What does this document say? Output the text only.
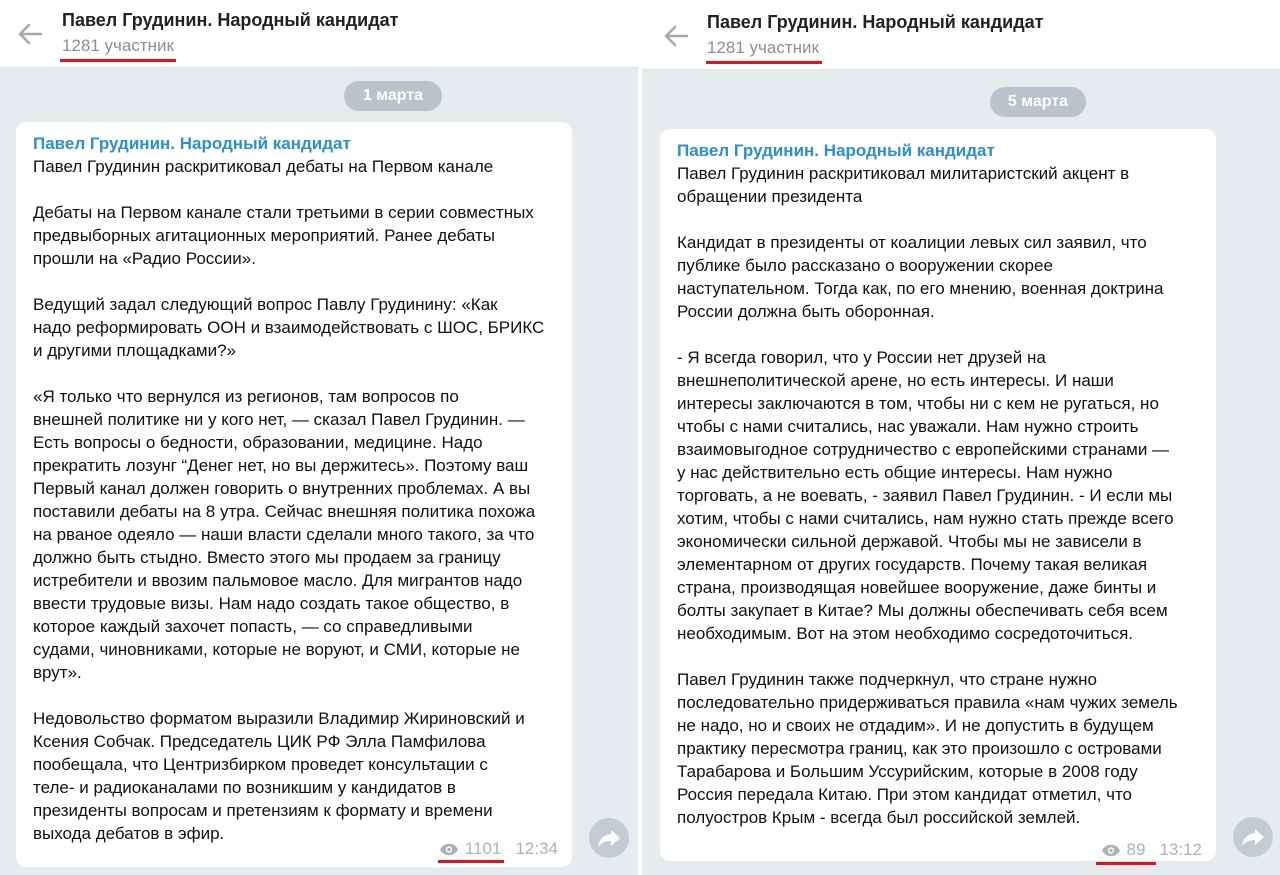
Павел Грудинин. Народный кандидат
1281 участник
1 марта
Павел Грудинин. Народный кандидат

Павел Грудинин раскритиковал дебаты на Первом канале

Дебаты на Первом канале стали третьими в серии совместных
предвыборных агитационных мероприятий. Ранее дебаты
прошли на «Радио России».

Ведущий задал следующий вопрос Павлу Грудинину: «Как
надо реформировать ООН и взаимодействовать с ШОС, БРИКС
и другими площадками?»

«Я только что вернулся из регионов, там вопросов по
внешней политике ни у кого нет, — сказал Павел Грудинин. —
Есть вопросы о бедности, образовании, медицине. Надо
прекратить лозунг “Денег нет, но вы держитесь». Поэтому ваш
Первый канал должен говорить о внутренних проблемах. А вы
поставили дебаты на 8 утра. Сейчас внешняя политика похожа
на рваное одеяло — наши власти сделали много такого, за что
должно быть стыдно. Вместо этого мы продаем за границу
истребители и ввозим пальмовое масло. Для мигрантов надо
ввести трудовые визы. Нам надо создать такое общество, в
которое каждый захочет попасть, — со справедливыми
судами, чиновниками, которые не воруют, и СМИ, которые не
врут».

Недовольство форматом выразили Владимир Жириновский и
Ксения Собчак. Председатель ЦИК РФ Элла Памфилова
пообещала, что Центризбирком проведет консультации с
теле- и радиоканалами по возникшим у кандидатов в
президенты вопросам и претензиям к формату и времени
выхода дебатов в эфир.

1101 12:34
Павел Грудинин. Народный кандидат
1281 участник
5 марта
Павел Грудинин. Народный кандидат

Павел Грудинин раскритиковал милитаристский акцент в
обращении президента

Кандидат в президенты от коалиции левых сил заявил, что
публике было рассказано о вооружении скорее
наступательном. Тогда как, по его мнению, военная доктрина
России должна быть оборонная.

- Я всегда говорил, что у России нет друзей на
внешнеполитической арене, но есть интересы. И наши
интересы заключаются в том, чтобы ни с кем не ругаться, но
чтобы с нами считались, нас уважали. Нам нужно строить
взаимовыгодное сотрудничество с европейскими странами —
у нас действительно есть общие интересы. Нам нужно
торговать, а не воевать, - заявил Павел Грудинин. - И если мы
хотим, чтобы с нами считались, нам нужно стать прежде всего
экономически сильной державой. Чтобы мы не зависели в
элементарном от других государств. Почему такая великая
страна, производящая новейшее вооружение, даже бинты и
болты закупает в Китае? Мы должны обеспечивать себя всем
необходимым. Вот на этом необходимо сосредоточиться.

Павел Грудинин также подчеркнул, что стране нужно
последовательно придерживаться правила «нам чужих земель
не надо, но и своих не отдадим». И не допустить в будущем
практику пересмотра границ, как это произошло с островами
Тарабарова и Большим Уссурийским, которые в 2008 году
Россия передала Китаю. При этом кандидат отметил, что
полуостров Крым - всегда был российской землей.

89 13:12
